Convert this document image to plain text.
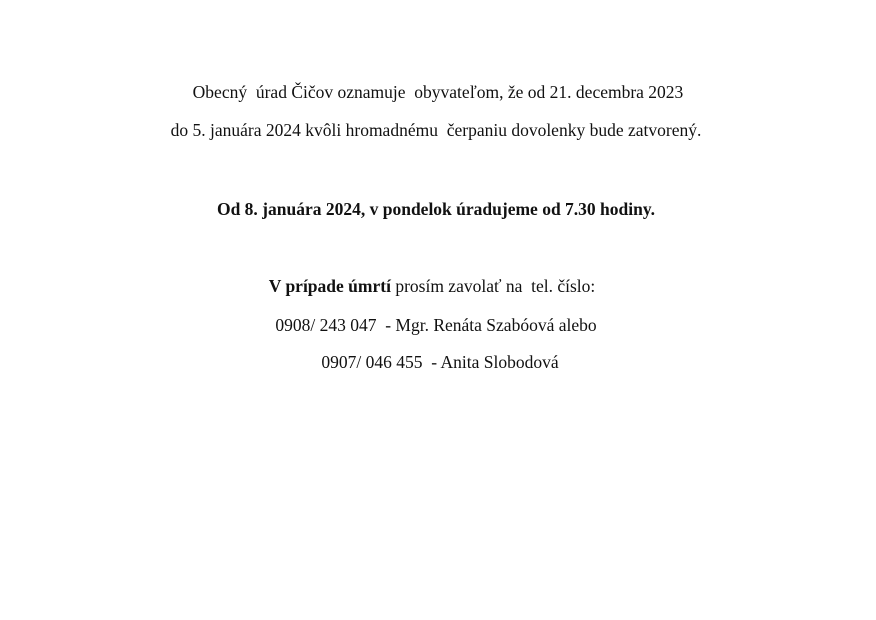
Obecný  úrad Čičov oznamuje  obyvateľom, že od 21. decembra 2023
do 5. januára 2024 kvôli hromadnému  čerpaniu dovolenky bude zatvorený.
Od 8. januára 2024, v pondelok úradujeme od 7.30 hodiny.
V prípade úmrtí prosím zavolať na  tel. číslo:
0908/ 243 047  - Mgr. Renáta Szabóová alebo
0907/ 046 455  - Anita Slobodová
